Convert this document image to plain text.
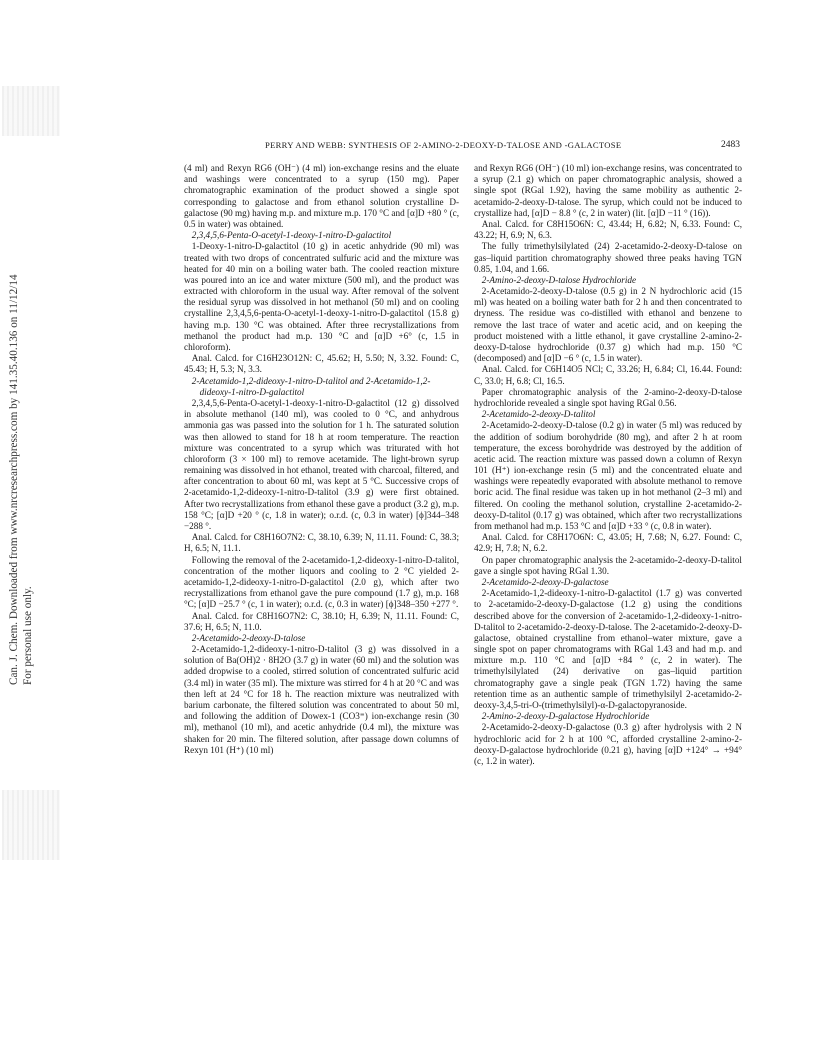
Can. J. Chem. Downloaded from www.nrcresearchpress.com by 141.35.40.136 on 11/12/14 For personal use only.
PERRY AND WEBB: SYNTHESIS OF 2-AMINO-2-DEOXY-D-TALOSE AND -GALACTOSE	2483

(4 ml) and Rexyn RG6 (OH⁻) (4 ml) ion-exchange resins and the eluate and washings were concentrated to a syrup (150 mg). Paper chromatographic examination of the product showed a single spot corresponding to galactose and from ethanol solution crystalline D-galactose (90 mg) having m.p. and mixture m.p. 170 °C and [α]D +80 ° (c, 0.5 in water) was obtained.

2,3,4,5,6-Penta-O-acetyl-1-deoxy-1-nitro-D-galactitol

1-Deoxy-1-nitro-D-galactitol (10 g) in acetic anhydride (90 ml) was treated with two drops of concentrated sulfuric acid and the mixture was heated for 40 min on a boiling water bath. The cooled reaction mixture was poured into an ice and water mixture (500 ml), and the product was extracted with chloroform in the usual way. After removal of the solvent the residual syrup was dissolved in hot methanol (50 ml) and on cooling crystalline 2,3,4,5,6-penta-O-acetyl-1-deoxy-1-nitro-D-galactitol (15.8 g) having m.p. 130 °C was obtained. After three recrystallizations from methanol the product had m.p. 130 °C and [α]D +6° (c, 1.5 in chloroform).

Anal. Calcd. for C16H23O12N: C, 45.62; H, 5.50; N, 3.32. Found: C, 45.43; H, 5.3; N, 3.3.

2-Acetamido-1,2-dideoxy-1-nitro-D-talitol and 2-Acetamido-1,2-dideoxy-1-nitro-D-galactitol

2,3,4,5,6-Penta-O-acetyl-1-deoxy-1-nitro-D-galactitol (12 g) dissolved in absolute methanol (140 ml), was cooled to 0 °C, and anhydrous ammonia gas was passed into the solution for 1 h. The saturated solution was then allowed to stand for 18 h at room temperature. The reaction mixture was concentrated to a syrup which was triturated with hot chloroform (3 × 100 ml) to remove acetamide. The light-brown syrup remaining was dissolved in hot ethanol, treated with charcoal, filtered, and after concentration to about 60 ml, was kept at 5 °C. Successive crops of 2-acetamido-1,2-dideoxy-1-nitro-D-talitol (3.9 g) were first obtained. After two recrystallizations from ethanol these gave a product (3.2 g), m.p. 158 °C; [α]D +20 ° (c, 1.8 in water); o.r.d. (c, 0.3 in water) [ϕ]344–348 −288 °.

Anal. Calcd. for C8H16O7N2: C, 38.10, 6.39; N, 11.11. Found: C, 38.3; H, 6.5; N, 11.1.

Following the removal of the 2-acetamido-1,2-dideoxy-1-nitro-D-talitol, concentration of the mother liquors and cooling to 2 °C yielded 2-acetamido-1,2-dideoxy-1-nitro-D-galactitol (2.0 g), which after two recrystallizations from ethanol gave the pure compound (1.7 g), m.p. 168 °C; [α]D −25.7 ° (c, 1 in water); o.r.d. (c, 0.3 in water) [ϕ]348–350 +277 °.

Anal. Calcd. for C8H16O7N2: C, 38.10; H, 6.39; N, 11.11. Found: C, 37.6; H, 6.5; N, 11.0.

2-Acetamido-2-deoxy-D-talose

2-Acetamido-1,2-dideoxy-1-nitro-D-talitol (3 g) was dissolved in a solution of Ba(OH)2 · 8H2O (3.7 g) in water (60 ml) and the solution was added dropwise to a cooled, stirred solution of concentrated sulfuric acid (3.4 ml) in water (35 ml). The mixture was stirred for 4 h at 20 °C and was then left at 24 °C for 18 h. The reaction mixture was neutralized with barium carbonate, the filtered solution was concentrated to about 50 ml, and following the addition of Dowex-1 (CO3⁼) ion-exchange resin (30 ml), methanol (10 ml), and acetic anhydride (0.4 ml), the mixture was shaken for 20 min. The filtered solution, after passage down columns of Rexyn 101 (H⁺) (10 ml)

and Rexyn RG6 (OH⁻) (10 ml) ion-exchange resins, was concentrated to a syrup (2.1 g) which on paper chromatographic analysis, showed a single spot (RGal 1.92), having the same mobility as authentic 2-acetamido-2-deoxy-D-talose. The syrup, which could not be induced to crystallize had, [α]D − 8.8 ° (c, 2 in water) (lit. [α]D −11 ° (16)).

Anal. Calcd. for C8H15O6N: C, 43.44; H, 6.82; N, 6.33. Found: C, 43.22; H, 6.9; N, 6.3.

The fully trimethylsilylated (24) 2-acetamido-2-deoxy-D-talose on gas–liquid partition chromatography showed three peaks having TGN 0.85, 1.04, and 1.66.

2-Amino-2-deoxy-D-talose Hydrochloride

2-Acetamido-2-deoxy-D-talose (0.5 g) in 2 N hydrochloric acid (15 ml) was heated on a boiling water bath for 2 h and then concentrated to dryness. The residue was co-distilled with ethanol and benzene to remove the last trace of water and acetic acid, and on keeping the product moistened with a little ethanol, it gave crystalline 2-amino-2-deoxy-D-talose hydrochloride (0.37 g) which had m.p. 150 °C (decomposed) and [α]D −6 ° (c, 1.5 in water).

Anal. Calcd. for C6H14O5 NCl; C, 33.26; H, 6.84; Cl, 16.44. Found: C, 33.0; H, 6.8; Cl, 16.5.

Paper chromatographic analysis of the 2-amino-2-deoxy-D-talose hydrochloride revealed a single spot having RGal 0.56.

2-Acetamido-2-deoxy-D-talitol

2-Acetamido-2-deoxy-D-talose (0.2 g) in water (5 ml) was reduced by the addition of sodium borohydride (80 mg), and after 2 h at room temperature, the excess borohydride was destroyed by the addition of acetic acid. The reaction mixture was passed down a column of Rexyn 101 (H⁺) ion-exchange resin (5 ml) and the concentrated eluate and washings were repeatedly evaporated with absolute methanol to remove boric acid. The final residue was taken up in hot methanol (2–3 ml) and filtered. On cooling the methanol solution, crystalline 2-acetamido-2-deoxy-D-talitol (0.17 g) was obtained, which after two recrystallizations from methanol had m.p. 153 °C and [α]D +33 ° (c, 0.8 in water).

Anal. Calcd. for C8H17O6N: C, 43.05; H, 7.68; N, 6.27. Found: C, 42.9; H, 7.8; N, 6.2.

On paper chromatographic analysis the 2-acetamido-2-deoxy-D-talitol gave a single spot having RGal 1.30.

2-Acetamido-2-deoxy-D-galactose

2-Acetamido-1,2-dideoxy-1-nitro-D-galactitol (1.7 g) was converted to 2-acetamido-2-deoxy-D-galactose (1.2 g) using the conditions described above for the conversion of 2-acetamido-1,2-dideoxy-1-nitro-D-talitol to 2-acetamido-2-deoxy-D-talose. The 2-acetamido-2-deoxy-D-galactose, obtained crystalline from ethanol–water mixture, gave a single spot on paper chromatograms with RGal 1.43 and had m.p. and mixture m.p. 110 °C and [α]D +84 ° (c, 2 in water). The trimethylsilylated (24) derivative on gas–liquid partition chromatography gave a single peak (TGN 1.72) having the same retention time as an authentic sample of trimethylsilyl 2-acetamido-2-deoxy-3,4,5-tri-O-(trimethylsilyl)-α-D-galactopyranoside.

2-Amino-2-deoxy-D-galactose Hydrochloride

2-Acetamido-2-deoxy-D-galactose (0.3 g) after hydrolysis with 2 N hydrochloric acid for 2 h at 100 °C, afforded crystalline 2-amino-2-deoxy-D-galactose hydrochloride (0.21 g), having [α]D +124° → +94° (c, 1.2 in water).
